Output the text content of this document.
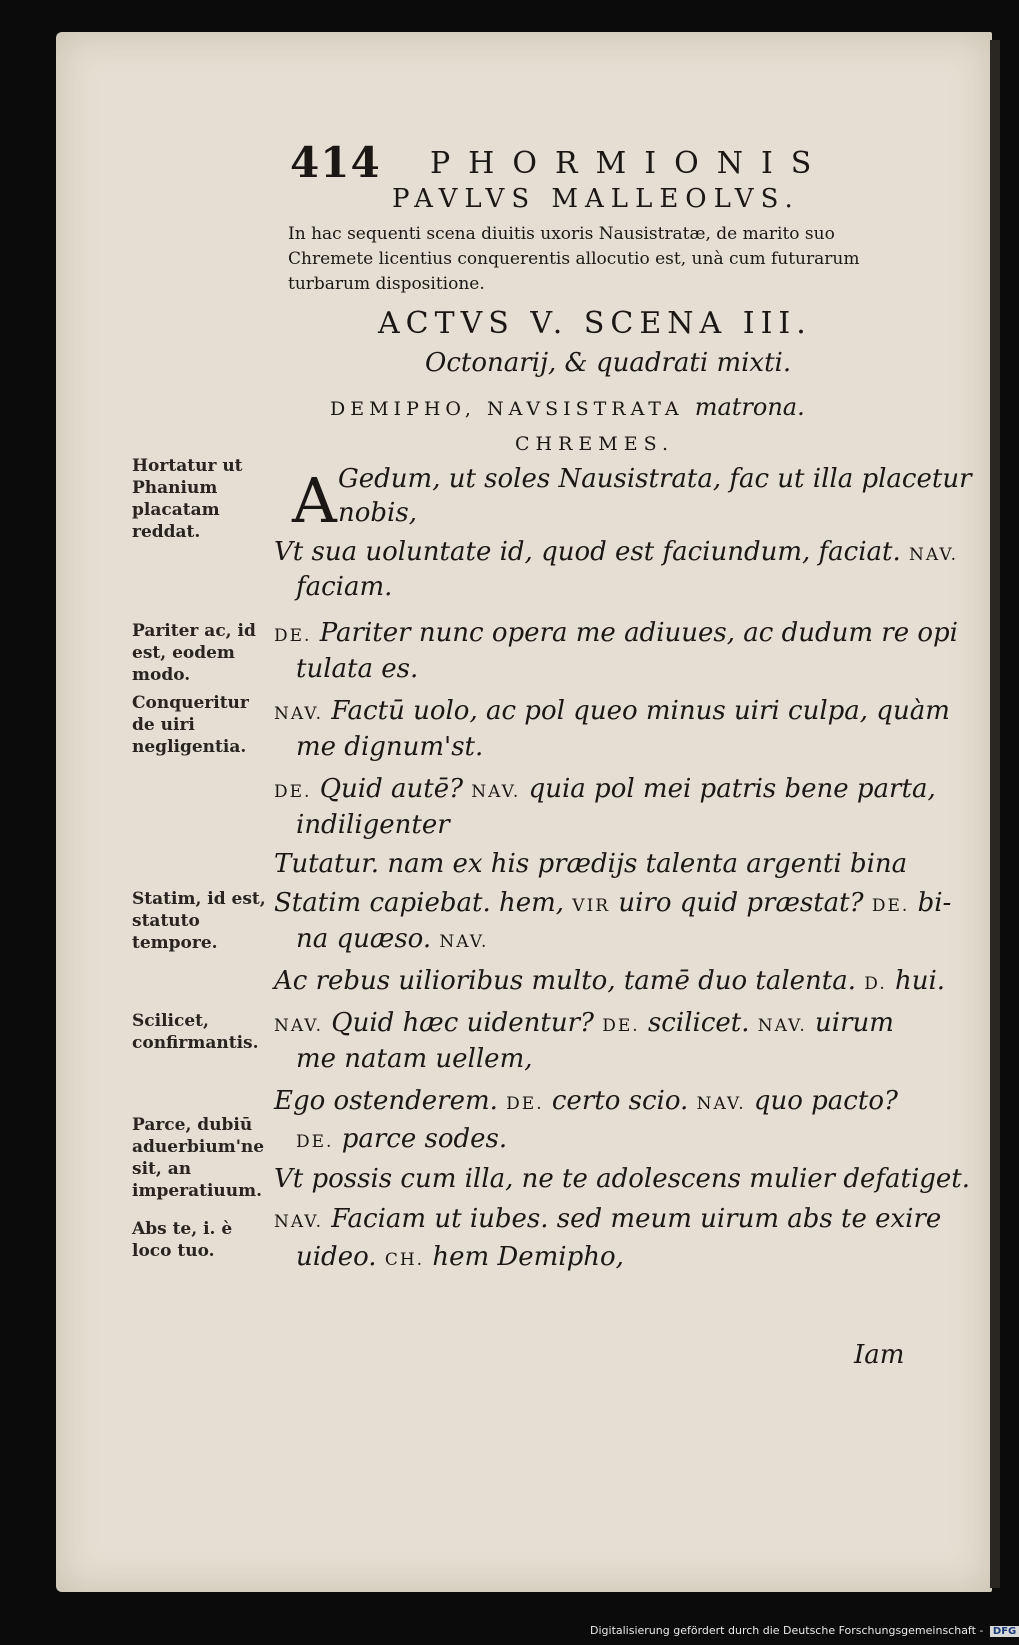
414 PHORMIONIS
PAVLVS MALLEOLVS.
In hac sequenti scena diuitis uxoris Nausistratæ, de marito suo Chremete licentius conquerentis allocutio est, unà cum futurarum turbarum dispositione.
ACTVS V. SCENA III.
Octonarij, & quadrati mixti.
DEMIPHO, NAVSISTRATA matrona.
CHREMES.
Hortatur ut Phanium placatam reddat.
Pariter ac, id est, eodem modo.
Conqueritur de uiri negligentia.
Statim, id est, statuto tempore.
Scilicet, confirmantis.
Parce, dubiū aduerbium'ne sit, an imperatiuum.
Abs te, i. è loco tuo.
A Gedum, ut soles Nausistrata, fac ut illa placetur
nobis,
Vt sua uoluntate id, quod est faciundum, faciat. NAV.
faciam.
DE. Pariter nunc opera me adiuues, ac dudum re opi
tulata es.
NAV. Factū uolo, ac pol queo minus uiri culpa, quàm
me dignum'st.
DE. Quid autē? NAV. quia pol mei patris bene parta,
indiligenter
Tutatur. nam ex his prædijs talenta argenti bina
Statim capiebat. hem, VIR uiro quid præstat? DE. bi-
na quæso. NAV.
Ac rebus uilioribus multo, tamē duo talenta. D. hui.
NAV. Quid hæc uidentur? DE. scilicet. NAV. uirum
me natam uellem,
Ego ostenderem. DE. certo scio. NAV. quo pacto?
DE. parce sodes.
Vt possis cum illa, ne te adolescens mulier defatiget.
NAV. Faciam ut iubes. sed meum uirum abs te exire
uideo. CH. hem Demipho,
Iam
Digitalisierung gefördert durch die Deutsche Forschungsgemeinschaft - DFG
